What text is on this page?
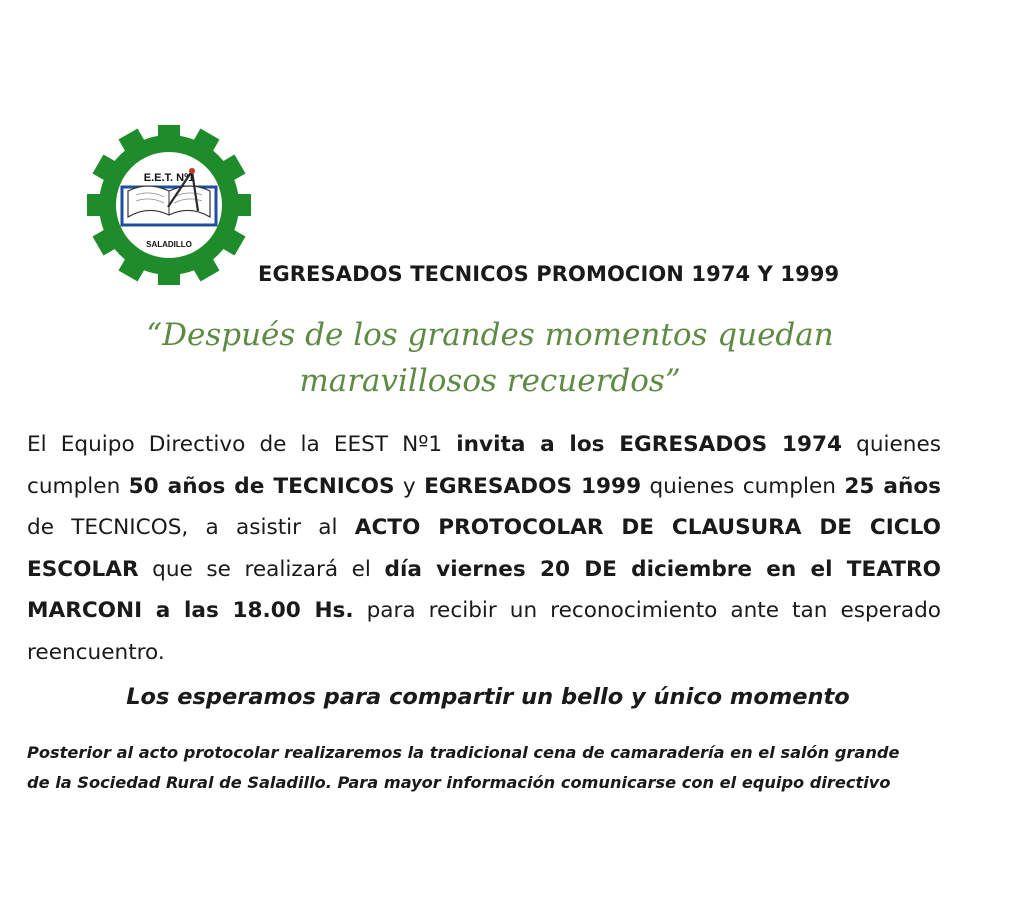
E.E.T. Nº1
SALADILLO
EGRESADOS TECNICOS PROMOCION 1974 Y 1999
“Después de los grandes momentos quedan
maravillosos recuerdos”
El Equipo Directivo de la EEST Nº1 invita a los EGRESADOS 1974 quienes cumplen 50 años de TECNICOS y EGRESADOS 1999 quienes cumplen 25 años de TECNICOS, a asistir al ACTO PROTOCOLAR DE CLAUSURA DE CICLO ESCOLAR que se realizará el día viernes 20 DE diciembre en el TEATRO MARCONI a las 18.00 Hs. para recibir un reconocimiento ante tan esperado reencuentro.
Los esperamos para compartir un bello y único momento
Posterior al acto protocolar realizaremos la tradicional cena de camaradería en el salón grande de la Sociedad Rural de Saladillo. Para mayor información comunicarse con el equipo directivo
